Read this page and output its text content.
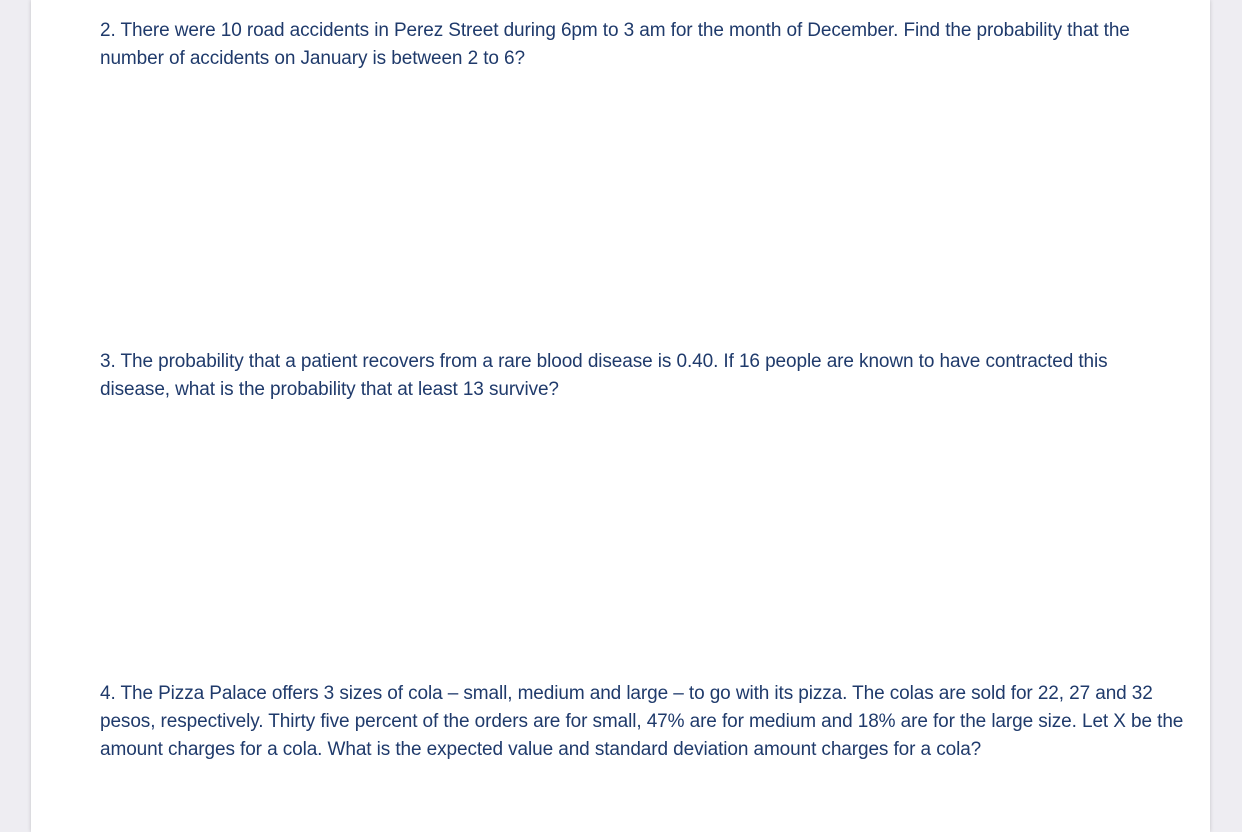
2. There were 10 road accidents in Perez Street during 6pm to 3 am for the month of December. Find the probability that the number of accidents on January is between 2 to 6?

3. The probability that a patient recovers from a rare blood disease is 0.40. If 16 people are known to have contracted this disease, what is the probability that at least 13 survive?

4. The Pizza Palace offers 3 sizes of cola – small, medium and large – to go with its pizza. The colas are sold for 22, 27 and 32 pesos, respectively. Thirty five percent of the orders are for small, 47% are for medium and 18% are for the large size. Let X be the amount charges for a cola. What is the expected value and standard deviation amount charges for a cola?
